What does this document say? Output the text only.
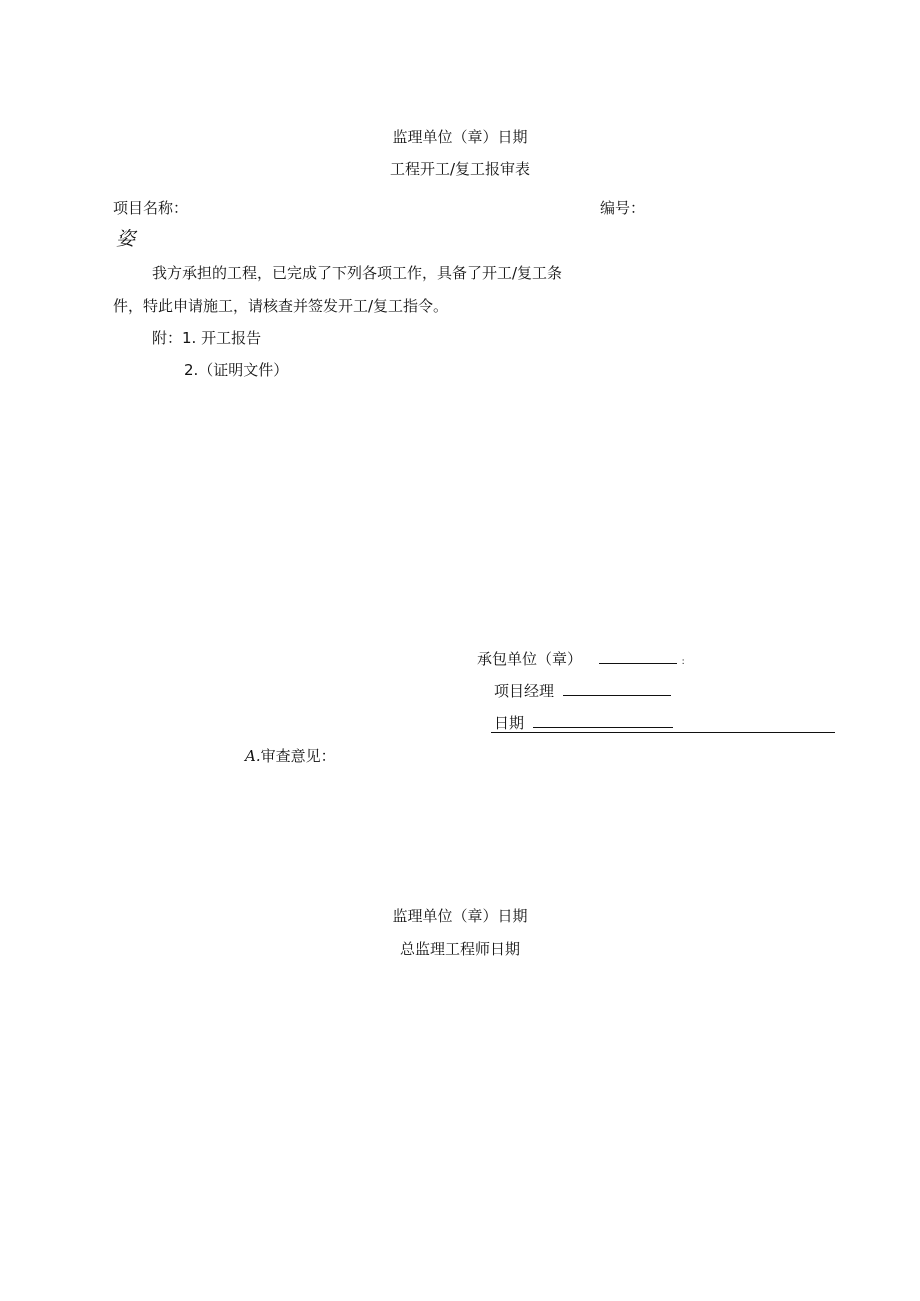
监理单位（章）日期
工程开工/复工报审表
项目名称：	编号：
姿
我方承担的工程，已完成了下列各项工作，具备了开工/复工条
件，特此申请施工，请核查并签发开工/复工指令。
附：1. 开工报告
2.（证明文件）
承包单位（章）	:
项目经理
日期
A.审查意见：
监理单位（章）日期
总监理工程师日期
